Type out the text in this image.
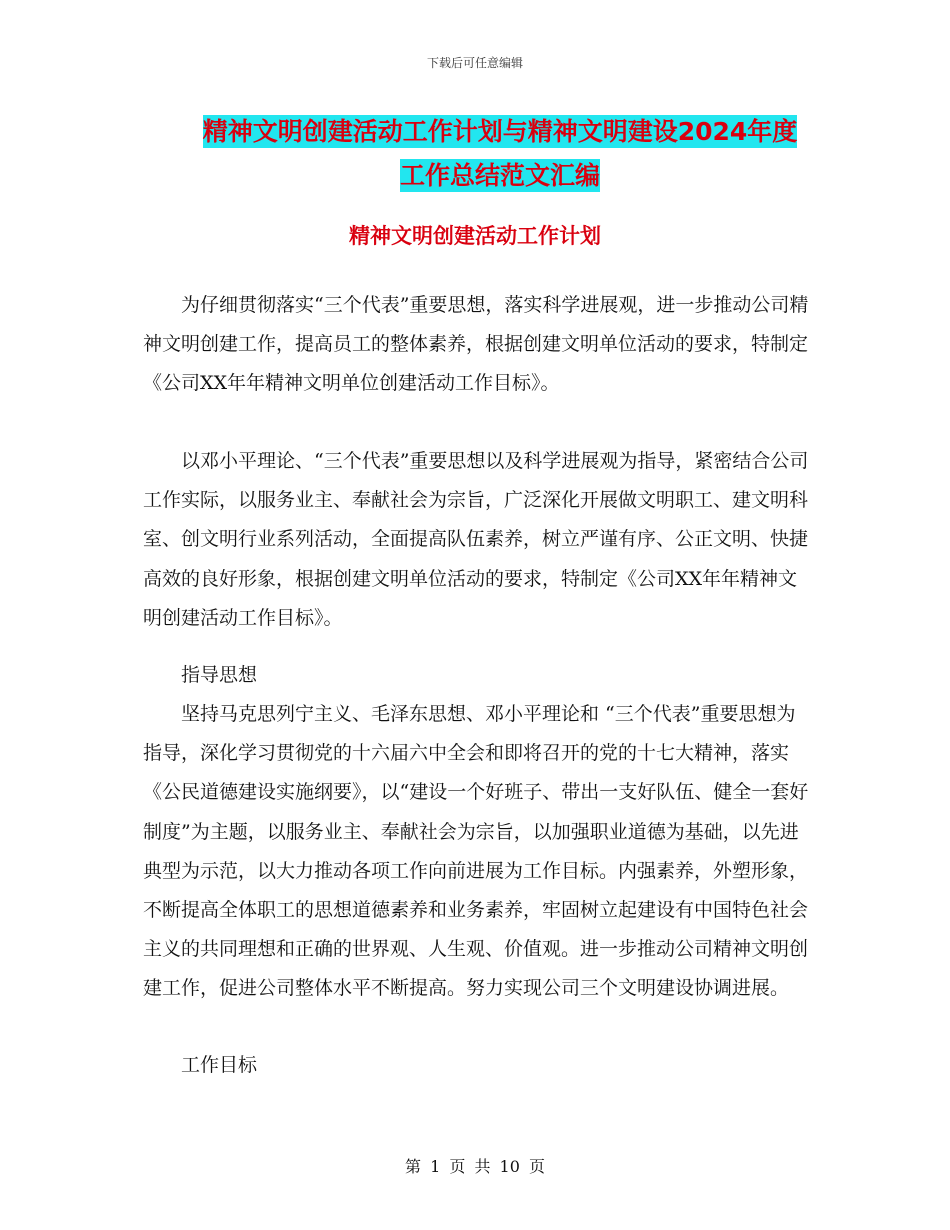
下载后可任意编辑
精神文明创建活动工作计划与精神文明建设2024年度
工作总结范文汇编
精神文明创建活动工作计划

为仔细贯彻落实“三个代表”重要思想，落实科学进展观，进一步推动公司精神文明创建工作，提高员工的整体素养，根据创建文明单位活动的要求，特制定《公司XX年年精神文明单位创建活动工作目标》。

以邓小平理论、“三个代表”重要思想以及科学进展观为指导，紧密结合公司工作实际，以服务业主、奉献社会为宗旨，广泛深化开展做文明职工、建文明科室、创文明行业系列活动，全面提高队伍素养，树立严谨有序、公正文明、快捷高效的良好形象，根据创建文明单位活动的要求，特制定《公司XX年年精神文明创建活动工作目标》。

指导思想

坚持马克思列宁主义、毛泽东思想、邓小平理论和 “三个代表”重要思想为指导，深化学习贯彻党的十六届六中全会和即将召开的党的十七大精神，落实《公民道德建设实施纲要》，以“建设一个好班子、带出一支好队伍、健全一套好制度”为主题，以服务业主、奉献社会为宗旨，以加强职业道德为基础，以先进典型为示范，以大力推动各项工作向前进展为工作目标。内强素养，外塑形象，不断提高全体职工的思想道德素养和业务素养，牢固树立起建设有中国特色社会主义的共同理想和正确的世界观、人生观、价值观。进一步推动公司精神文明创建工作，促进公司整体水平不断提高。努力实现公司三个文明建设协调进展。

工作目标
第 1 页 共 10 页
